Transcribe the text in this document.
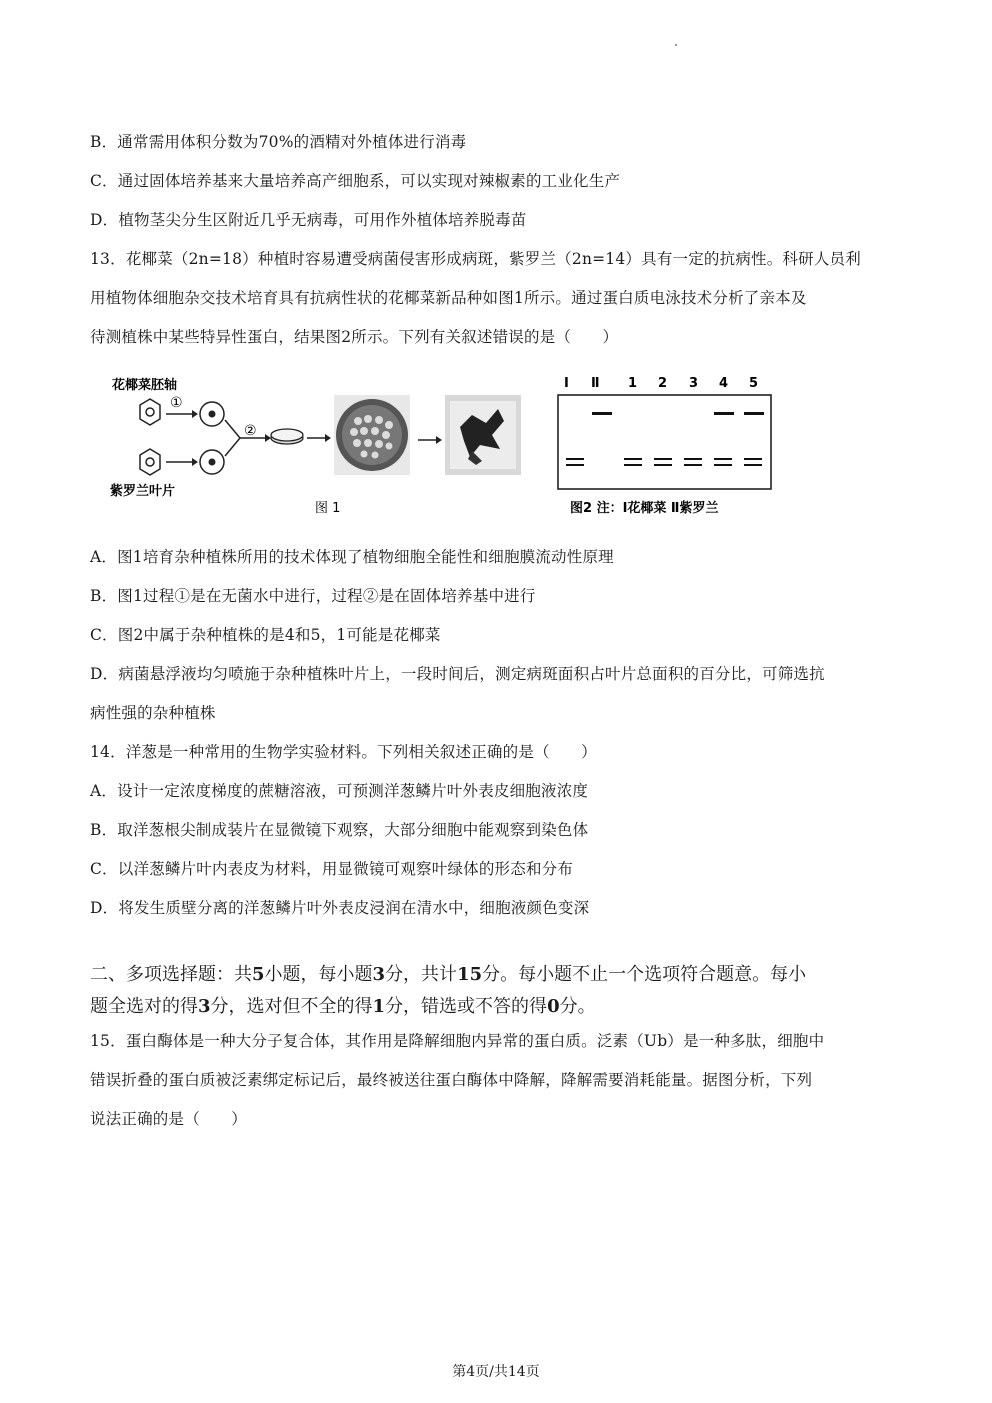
B．通常需用体积分数为70%的酒精对外植体进行消毒
C．通过固体培养基来大量培养高产细胞系，可以实现对辣椒素的工业化生产
D．植物茎尖分生区附近几乎无病毒，可用作外植体培养脱毒苗
13．花椰菜（2n=18）种植时容易遭受病菌侵害形成病斑，紫罗兰（2n=14）具有一定的抗病性。科研人员利
用植物体细胞杂交技术培育具有抗病性状的花椰菜新品种如图1所示。通过蛋白质电泳技术分析了亲本及
待测植株中某些特异性蛋白，结果图2所示。下列有关叙述错误的是（　　）
花椰菜胚轴
紫罗兰叶片
①
②
图 1
Ⅰ Ⅱ 1 2 3 4 5
图2 注：Ⅰ花椰菜 Ⅱ紫罗兰
A．图1培育杂种植株所用的技术体现了植物细胞全能性和细胞膜流动性原理
B．图1过程①是在无菌水中进行，过程②是在固体培养基中进行
C．图2中属于杂种植株的是4和5，1可能是花椰菜
D．病菌悬浮液均匀喷施于杂种植株叶片上，一段时间后，测定病斑面积占叶片总面积的百分比，可筛选抗
病性强的杂种植株
14．洋葱是一种常用的生物学实验材料。下列相关叙述正确的是（　　）
A．设计一定浓度梯度的蔗糖溶液，可预测洋葱鳞片叶外表皮细胞液浓度
B．取洋葱根尖制成装片在显微镜下观察，大部分细胞中能观察到染色体
C．以洋葱鳞片叶内表皮为材料，用显微镜可观察叶绿体的形态和分布
D．将发生质壁分离的洋葱鳞片叶外表皮浸润在清水中，细胞液颜色变深
二、多项选择题：共5小题，每小题3分，共计15分。每小题不止一个选项符合题意。每小
题全选对的得3分，选对但不全的得1分，错选或不答的得0分。
15．蛋白酶体是一种大分子复合体，其作用是降解细胞内异常的蛋白质。泛素（Ub）是一种多肽，细胞中
错误折叠的蛋白质被泛素绑定标记后，最终被送往蛋白酶体中降解，降解需要消耗能量。据图分析，下列
说法正确的是（　　）
第4页/共14页
